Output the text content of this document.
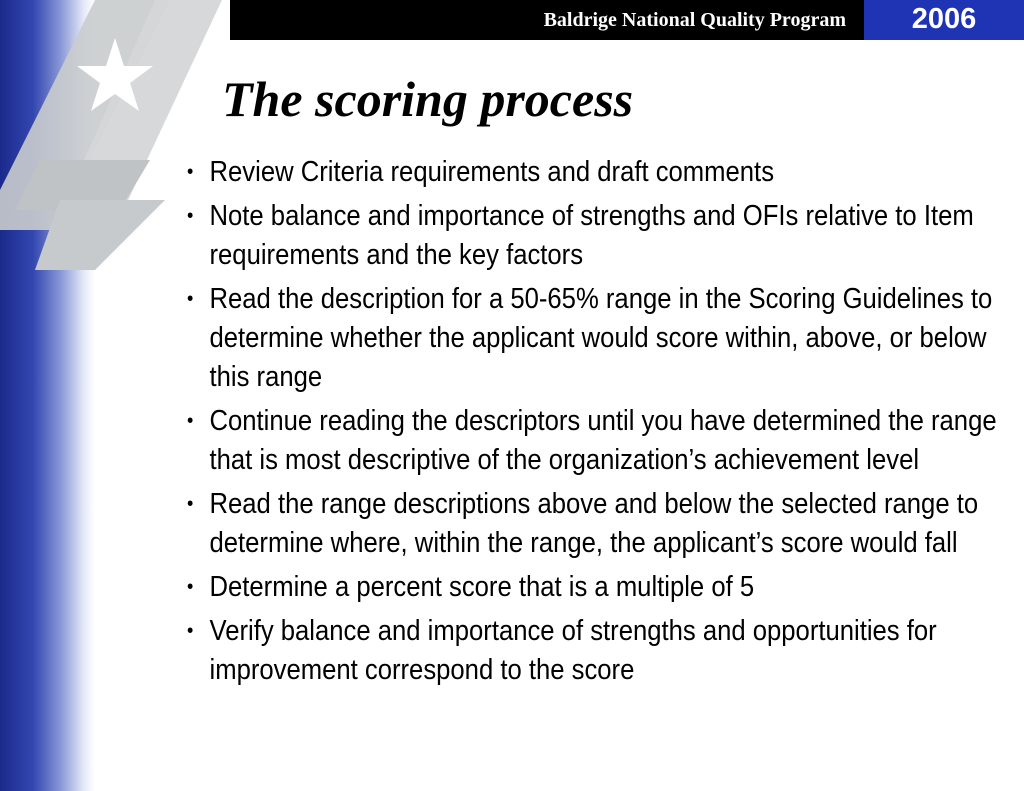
Baldrige National Quality Program	2006
The scoring process
• Review Criteria requirements and draft comments
• Note balance and importance of strengths and OFIs relative to Item requirements and the key factors
• Read the description for a 50-65% range in the Scoring Guidelines to determine whether the applicant would score within, above, or below this range
• Continue reading the descriptors until you have determined the range that is most descriptive of the organization’s achievement level
• Read the range descriptions above and below the selected range to determine where, within the range, the applicant’s score would fall
• Determine a percent score that is a multiple of 5
• Verify balance and importance of strengths and opportunities for improvement correspond to the score
